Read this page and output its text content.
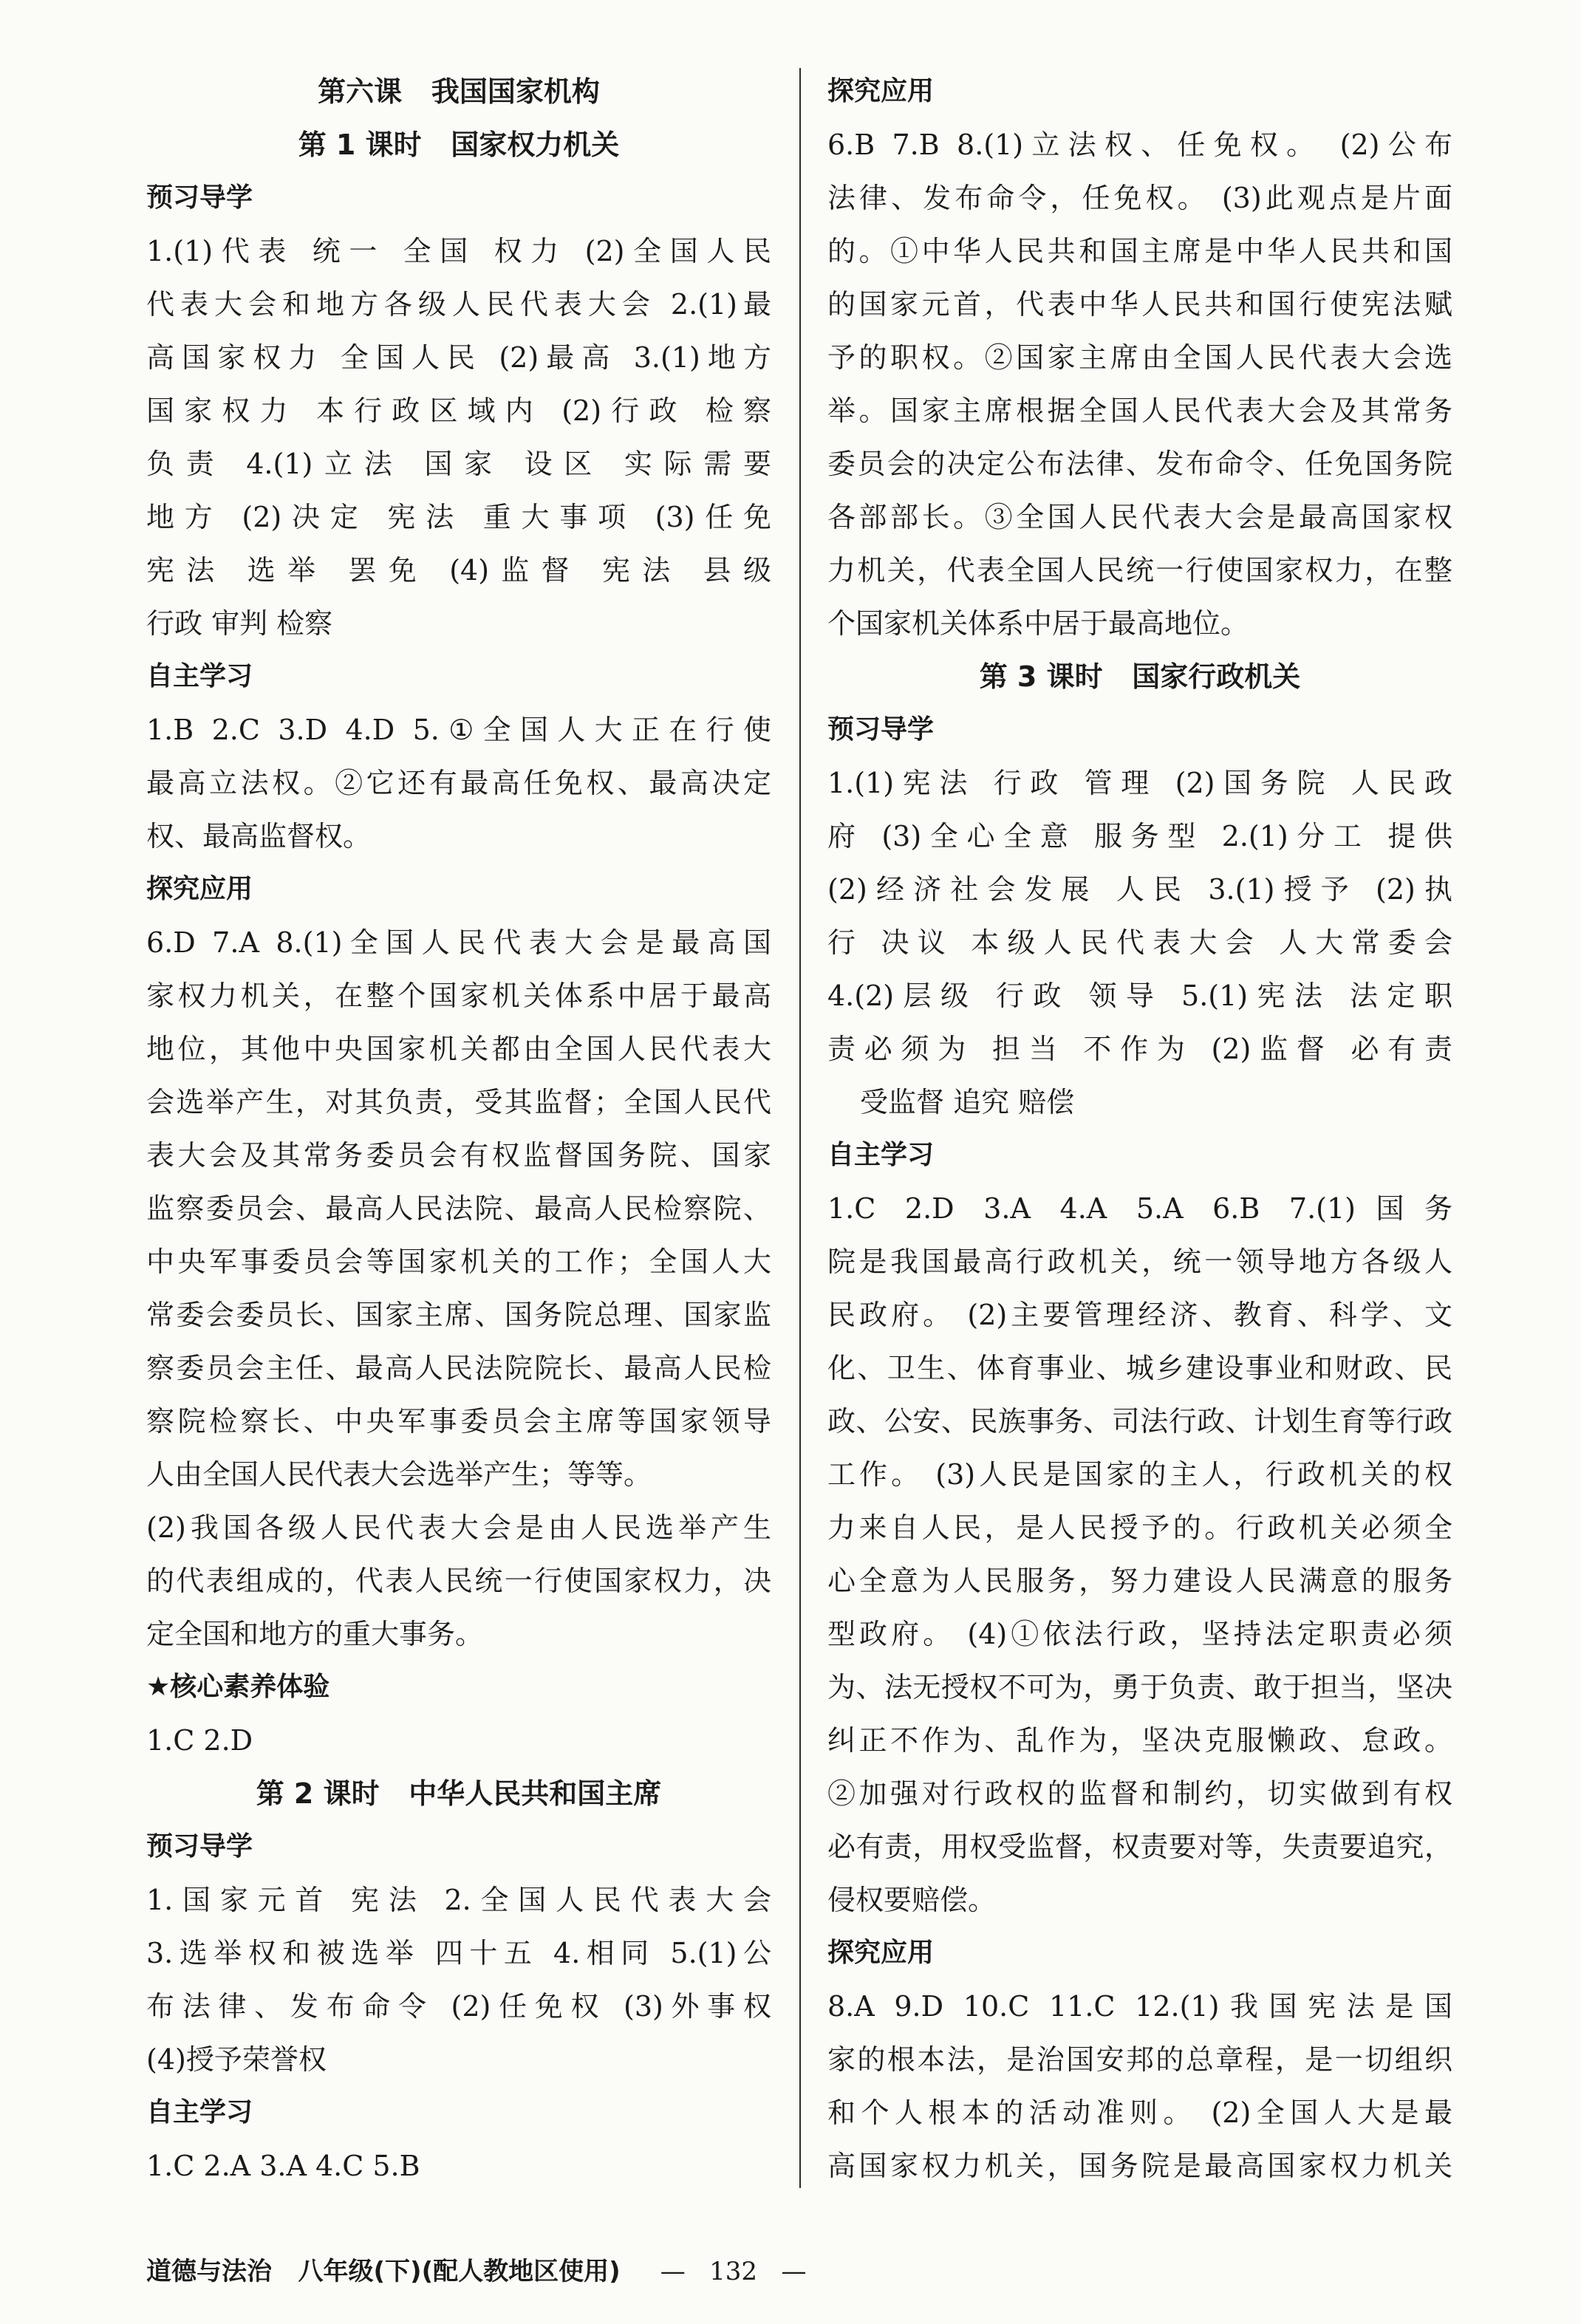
第六课   我国国家机构
第 1 课时   国家权力机关
预习导学
1.(1)代表 统一 全国 权力 (2)全国人民
代表大会和地方各级人民代表大会 2.(1)最
高国家权力 全国人民 (2)最高 3.(1)地方
国家权力 本行政区域内 (2)行政 检察
负责 4.(1)立法 国家 设区 实际需要
地方 (2)决定 宪法 重大事项 (3)任免
宪法 选举 罢免 (4)监督 宪法 县级
行政 审判 检察
自主学习
1.B 2.C 3.D 4.D 5.①全国人大正在行使
最高立法权。②它还有最高任免权、最高决定
权、最高监督权。
探究应用
6.D 7.A 8.(1)全国人民代表大会是最高国
家权力机关，在整个国家机关体系中居于最高
地位，其他中央国家机关都由全国人民代表大
会选举产生，对其负责，受其监督；全国人民代
表大会及其常务委员会有权监督国务院、国家
监察委员会、最高人民法院、最高人民检察院、
中央军事委员会等国家机关的工作；全国人大
常委会委员长、国家主席、国务院总理、国家监
察委员会主任、最高人民法院院长、最高人民检
察院检察长、中央军事委员会主席等国家领导
人由全国人民代表大会选举产生；等等。
(2)我国各级人民代表大会是由人民选举产生
的代表组成的，代表人民统一行使国家权力，决
定全国和地方的重大事务。
★核心素养体验
1.C 2.D
第 2 课时   中华人民共和国主席
预习导学
1.国家元首 宪法 2.全国人民代表大会
3.选举权和被选举 四十五 4.相同 5.(1)公
布法律、发布命令 (2)任免权 (3)外事权
(4)授予荣誉权
自主学习
1.C 2.A 3.A 4.C 5.B
探究应用
6.B 7.B 8.(1)立法权、任免权。 (2)公布
法律、发布命令，任免权。 (3)此观点是片面
的。①中华人民共和国主席是中华人民共和国
的国家元首，代表中华人民共和国行使宪法赋
予的职权。②国家主席由全国人民代表大会选
举。国家主席根据全国人民代表大会及其常务
委员会的决定公布法律、发布命令、任免国务院
各部部长。③全国人民代表大会是最高国家权
力机关，代表全国人民统一行使国家权力，在整
个国家机关体系中居于最高地位。
第 3 课时   国家行政机关
预习导学
1.(1)宪法 行政 管理 (2)国务院 人民政
府 (3)全心全意 服务型 2.(1)分工 提供
(2)经济社会发展 人民 3.(1)授予 (2)执
行 决议 本级人民代表大会 人大常委会
4.(2)层级 行政 领导 5.(1)宪法 法定职
责必须为 担当 不作为 (2)监督 必有责
受监督 追究 赔偿
自主学习
1.C 2.D 3.A 4.A 5.A 6.B 7.(1)国务
院是我国最高行政机关，统一领导地方各级人
民政府。 (2)主要管理经济、教育、科学、文
化、卫生、体育事业、城乡建设事业和财政、民
政、公安、民族事务、司法行政、计划生育等行政
工作。 (3)人民是国家的主人，行政机关的权
力来自人民，是人民授予的。行政机关必须全
心全意为人民服务，努力建设人民满意的服务
型政府。 (4)①依法行政，坚持法定职责必须
为、法无授权不可为，勇于负责、敢于担当，坚决
纠正不作为、乱作为，坚决克服懒政、怠政。
②加强对行政权的监督和制约，切实做到有权
必有责，用权受监督，权责要对等，失责要追究，
侵权要赔偿。
探究应用
8.A 9.D 10.C 11.C 12.(1)我国宪法是国
家的根本法，是治国安邦的总章程，是一切组织
和个人根本的活动准则。 (2)全国人大是最
高国家权力机关，国务院是最高国家权力机关
道德与法治   八年级(下)(配人教地区使用) —   132   —
